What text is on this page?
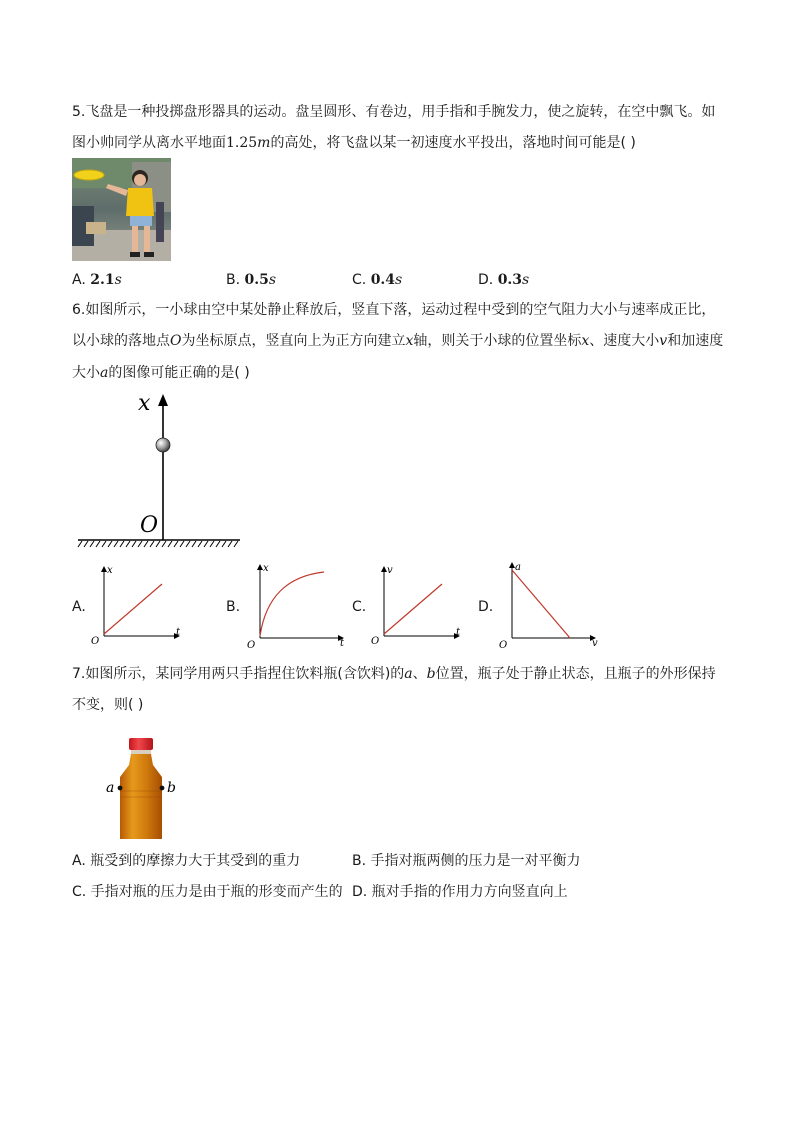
5.飞盘是一种投掷盘形器具的运动。盘呈圆形、有卷边，用手指和手腕发力，使之旋转，在空中飘飞。如
图小帅同学从离水平地面1.25m的高处，将飞盘以某一初速度水平投出，落地时间可能是( )
A. 2.1s	B. 0.5s	C. 0.4s	D. 0.3s
6.如图所示，一小球由空中某处静止释放后，竖直下落，运动过程中受到的空气阻力大小与速率成正比，
以小球的落地点O为坐标原点，竖直向上为正方向建立x轴，则关于小球的位置坐标x、速度大小v和加速度
大小a的图像可能正确的是( )
x
O
A.
x
t
O
B.
x
t
O
C.
v
t
O
D.
a
v
O
7.如图所示，某同学用两只手指捏住饮料瓶(含饮料)的a、b位置，瓶子处于静止状态，且瓶子的外形保持
不变，则( )
a	b
A. 瓶受到的摩擦力大于其受到的重力	B. 手指对瓶两侧的压力是一对平衡力
C. 手指对瓶的压力是由于瓶的形变而产生的 D. 瓶对手指的作用力方向竖直向上
